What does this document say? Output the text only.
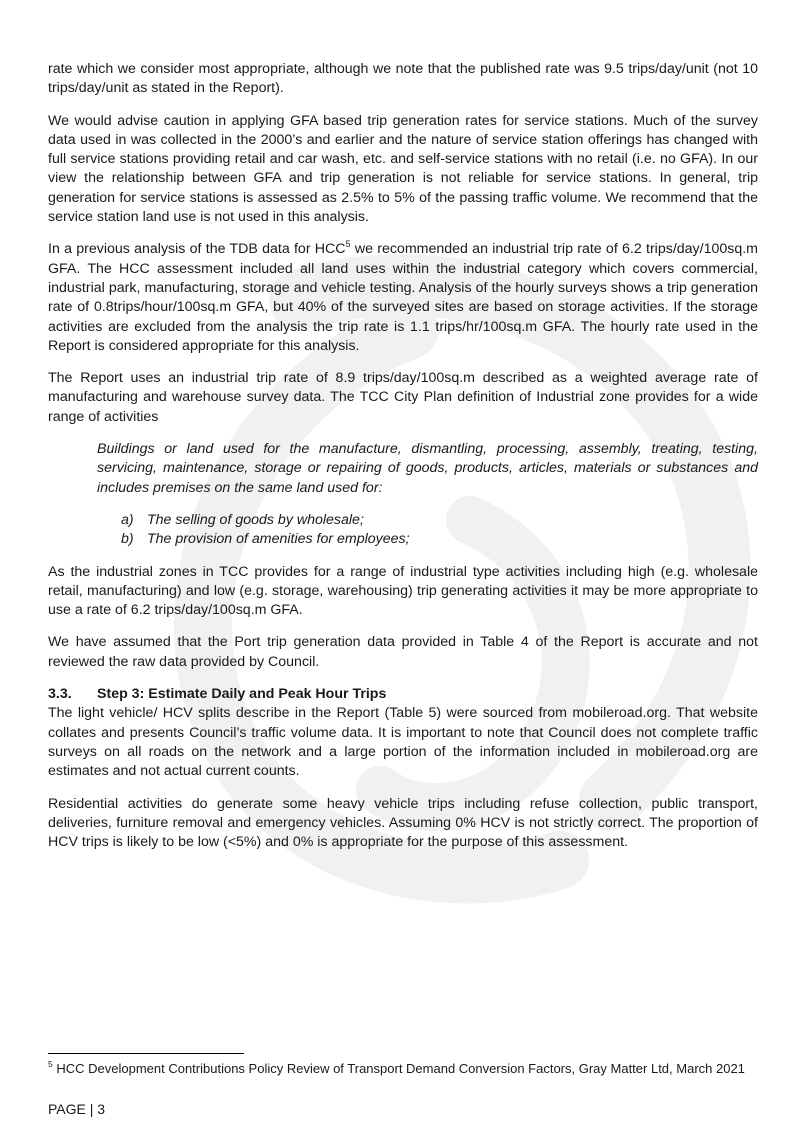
rate which we consider most appropriate, although we note that the published rate was 9.5 trips/day/unit (not 10 trips/day/unit as stated in the Report).

We would advise caution in applying GFA based trip generation rates for service stations. Much of the survey data used in was collected in the 2000’s and earlier and the nature of service station offerings has changed with full service stations providing retail and car wash, etc. and self-service stations with no retail (i.e. no GFA). In our view the relationship between GFA and trip generation is not reliable for service stations. In general, trip generation for service stations is assessed as 2.5% to 5% of the passing traffic volume. We recommend that the service station land use is not used in this analysis.

In a previous analysis of the TDB data for HCC$^5$ we recommended an industrial trip rate of 6.2 trips/day/100sq.m GFA. The HCC assessment included all land uses within the industrial category which covers commercial, industrial park, manufacturing, storage and vehicle testing. Analysis of the hourly surveys shows a trip generation rate of 0.8trips/hour/100sq.m GFA, but 40% of the surveyed sites are based on storage activities. If the storage activities are excluded from the analysis the trip rate is 1.1 trips/hr/100sq.m GFA. The hourly rate used in the Report is considered appropriate for this analysis.

The Report uses an industrial trip rate of 8.9 trips/day/100sq.m described as a weighted average rate of manufacturing and warehouse survey data. The TCC City Plan definition of Industrial zone provides for a wide range of activities

Buildings or land used for the manufacture, dismantling, processing, assembly, treating, testing, servicing, maintenance, storage or repairing of goods, products, articles, materials or substances and includes premises on the same land used for:

a) The selling of goods by wholesale;
b) The provision of amenities for employees;

As the industrial zones in TCC provides for a range of industrial type activities including high (e.g. wholesale retail, manufacturing) and low (e.g. storage, warehousing) trip generating activities it may be more appropriate to use a rate of 6.2 trips/day/100sq.m GFA.

We have assumed that the Port trip generation data provided in Table 4 of the Report is accurate and not reviewed the raw data provided by Council.

3.3. Step 3: Estimate Daily and Peak Hour Trips

The light vehicle/ HCV splits describe in the Report (Table 5) were sourced from mobileroad.org. That website collates and presents Council’s traffic volume data. It is important to note that Council does not complete traffic surveys on all roads on the network and a large portion of the information included in mobileroad.org are estimates and not actual current counts.

Residential activities do generate some heavy vehicle trips including refuse collection, public transport, deliveries, furniture removal and emergency vehicles. Assuming 0% HCV is not strictly correct. The proportion of HCV trips is likely to be low (<5%) and 0% is appropriate for the purpose of this assessment.

$^5$ HCC Development Contributions Policy Review of Transport Demand Conversion Factors, Gray Matter Ltd, March 2021
PAGE | 3
